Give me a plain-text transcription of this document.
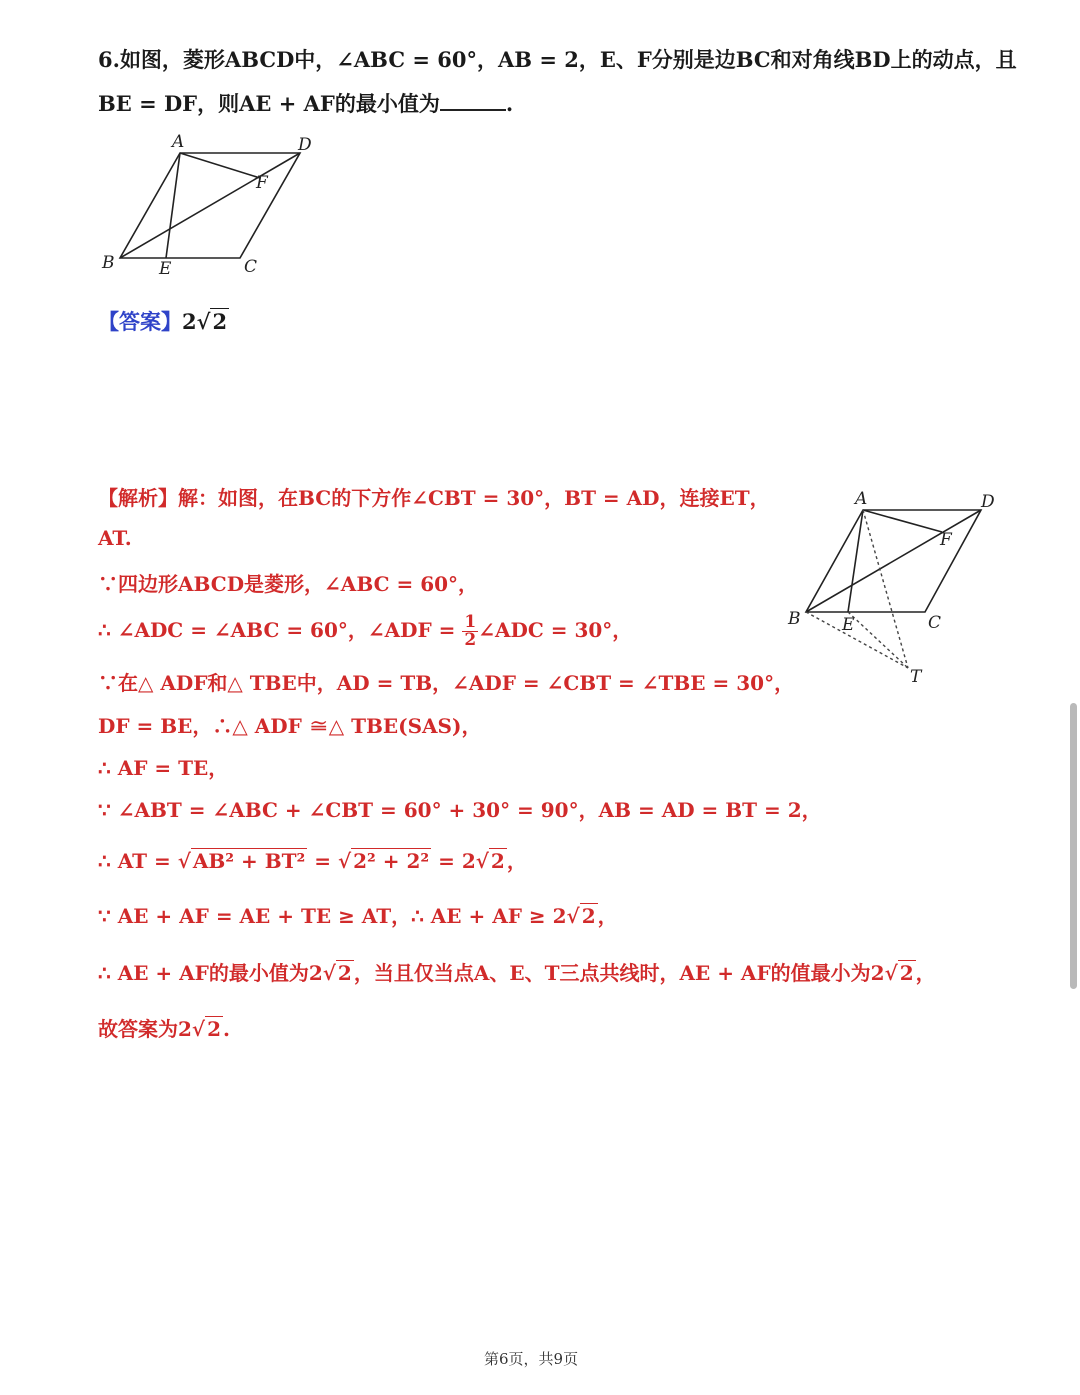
6.如图，菱形ABCD中，∠ABC = 60°，AB = 2，E、F分别是边BC和对角线BD上的动点，且
BE = DF，则AE + AF的最小值为	.
A	D
F
B	E	C
【答案】2√2
【解析】解：如图，在BC的下方作∠CBT = 30°，BT = AD，连接ET，
AT.
∵四边形ABCD是菱形，∠ABC = 60°，
∴ ∠ADC = ∠ABC = 60°，∠ADF = $\frac{1}{2}$ ∠ADC = 30°，
∵在△ ADF和△ TBE中，AD = TB，∠ADF = ∠CBT = ∠TBE = 30°，
DF = BE，∴△ ADF ≅△ TBE(SAS)，
∴ AF = TE，
∵ ∠ABT = ∠ABC + ∠CBT = 60° + 30° = 90°，AB = AD = BT = 2，
∴ AT = √ AB² + BT² = √ 2² + 2² = 2√ 2 ，
∵ AE + AF = AE + TE ≥ AT，∴ AE + AF ≥ 2√ 2 ，
∴ AE + AF的最小值为2√ 2 ，当且仅当点A、E、T三点共线时，AE + AF的值最小为2√ 2 ，
故答案为2√ 2 .
A	D
F
B E	C
T
第6页，共9页
